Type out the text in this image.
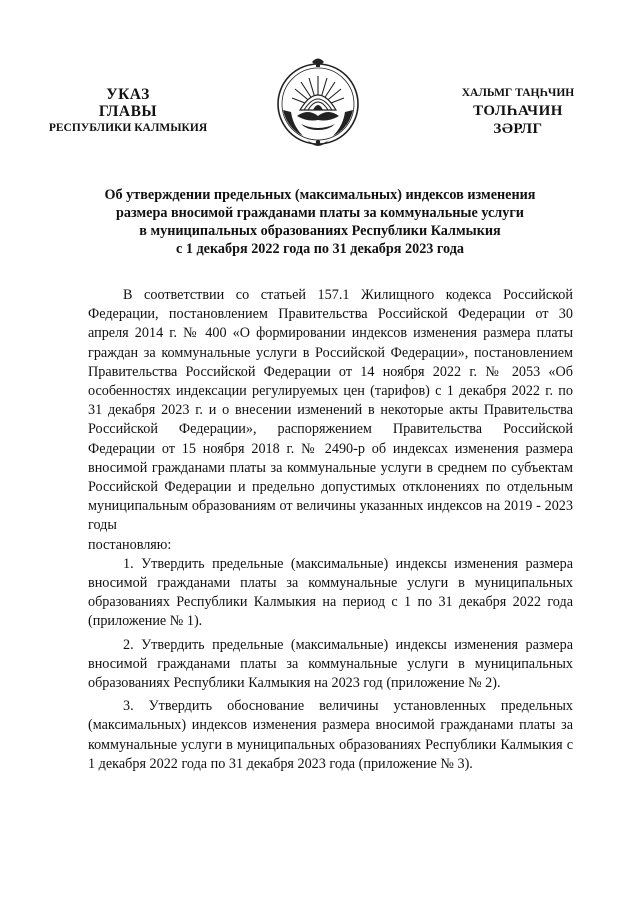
УКАЗ
ГЛАВЫ
РЕСПУБЛИКИ КАЛМЫКИЯ
ХАЛЬМГ ТАҢҺЧИН
ТОЛҺАЧИН
ЗӘРЛГ
Об утверждении предельных (максимальных) индексов изменения
размера вносимой гражданами платы за коммунальные услуги
в муниципальных образованиях Республики Калмыкия
с 1 декабря 2022 года по 31 декабря 2023 года

В соответствии со статьей 157.1 Жилищного кодекса Российской Федерации, постановлением Правительства Российской Федерации от 30 апреля 2014 г. № 400 «О формировании индексов изменения размера платы граждан за коммунальные услуги в Российской Федерации», постановлением Правительства Российской Федерации от 14 ноября 2022 г. № 2053 «Об особенностях индексации регулируемых цен (тарифов) с 1 декабря 2022 г. по 31 декабря 2023 г. и о внесении изменений в некоторые акты Правительства Российской Федерации», распоряжением Правительства Российской Федерации от 15 ноября 2018 г. № 2490-р об индексах изменения размера вносимой гражданами платы за коммунальные услуги в среднем по субъектам Российской Федерации и предельно допустимых отклонениях по отдельным муниципальным образованиям от величины указанных индексов на 2019 - 2023 годы

постановляю:

1. Утвердить предельные (максимальные) индексы изменения размера вносимой гражданами платы за коммунальные услуги в муниципальных образованиях Республики Калмыкия на период с 1 по 31 декабря 2022 года (приложение № 1).

2. Утвердить предельные (максимальные) индексы изменения размера вносимой гражданами платы за коммунальные услуги в муниципальных образованиях Республики Калмыкия на 2023 год (приложение № 2).

3. Утвердить обоснование величины установленных предельных (максимальных) индексов изменения размера вносимой гражданами платы за коммунальные услуги в муниципальных образованиях Республики Калмыкия с 1 декабря 2022 года по 31 декабря 2023 года (приложение № 3).
